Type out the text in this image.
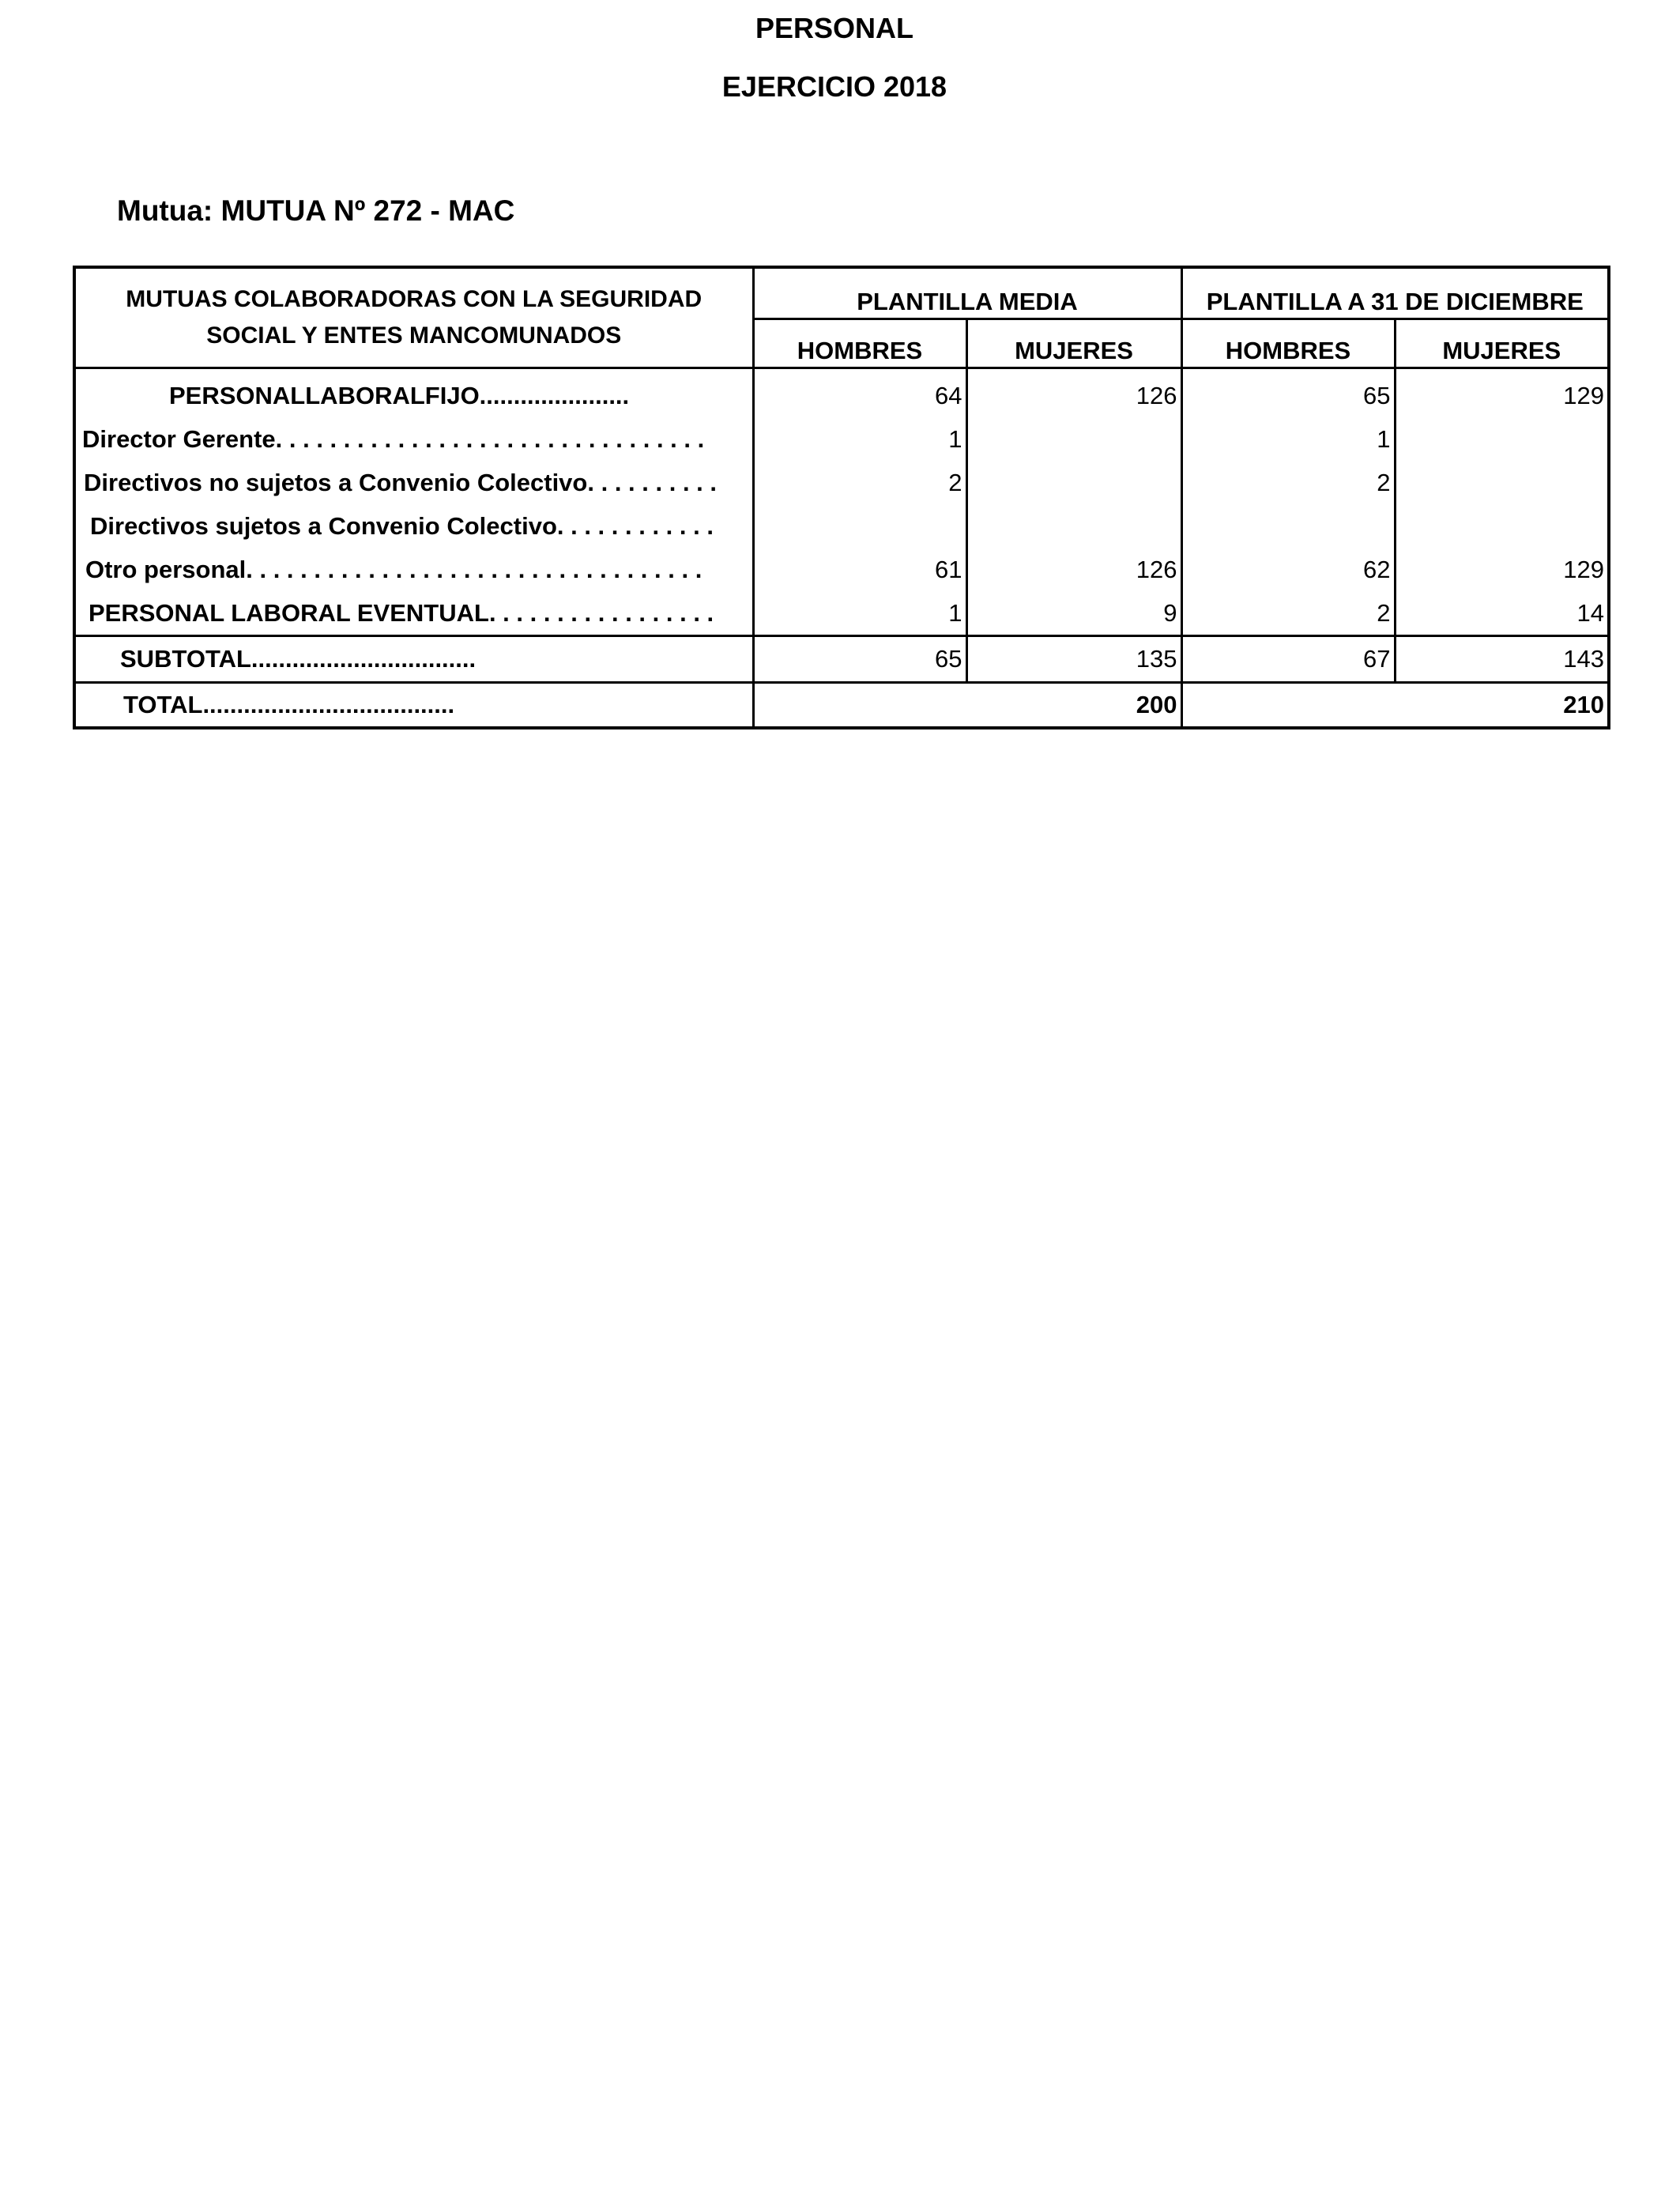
PERSONAL
EJERCICIO 2018
Mutua: MUTUA Nº 272 - MAC
MUTUAS COLABORADORAS CON LA SEGURIDAD
SOCIAL Y ENTES MANCOMUNADOS	PLANTILLA MEDIA		PLANTILLA A 31 DE DICIEMBRE	
	HOMBRES	MUJERES	HOMBRES	MUJERES
PERSONALLABORALFIJO......................	64	126	65	129
Director Gerente. . . . . . . . . . . . . . . . . . . . . . . . . . . . . . . .	1		1	
Directivos no sujetos a Convenio Colectivo. . . . . . . . . .	2		2	
Directivos sujetos a Convenio Colectivo. . . . . . . . . . . .				
Otro personal. . . . . . . . . . . . . . . . . . . . . . . . . . . . . . . . . .	61	126	62	129
PERSONAL LABORAL EVENTUAL. . . . . . . . . . . . . . . . .	1	9	2	14
SUBTOTAL.................................	65	135	67	143
TOTAL.....................................		200		210
